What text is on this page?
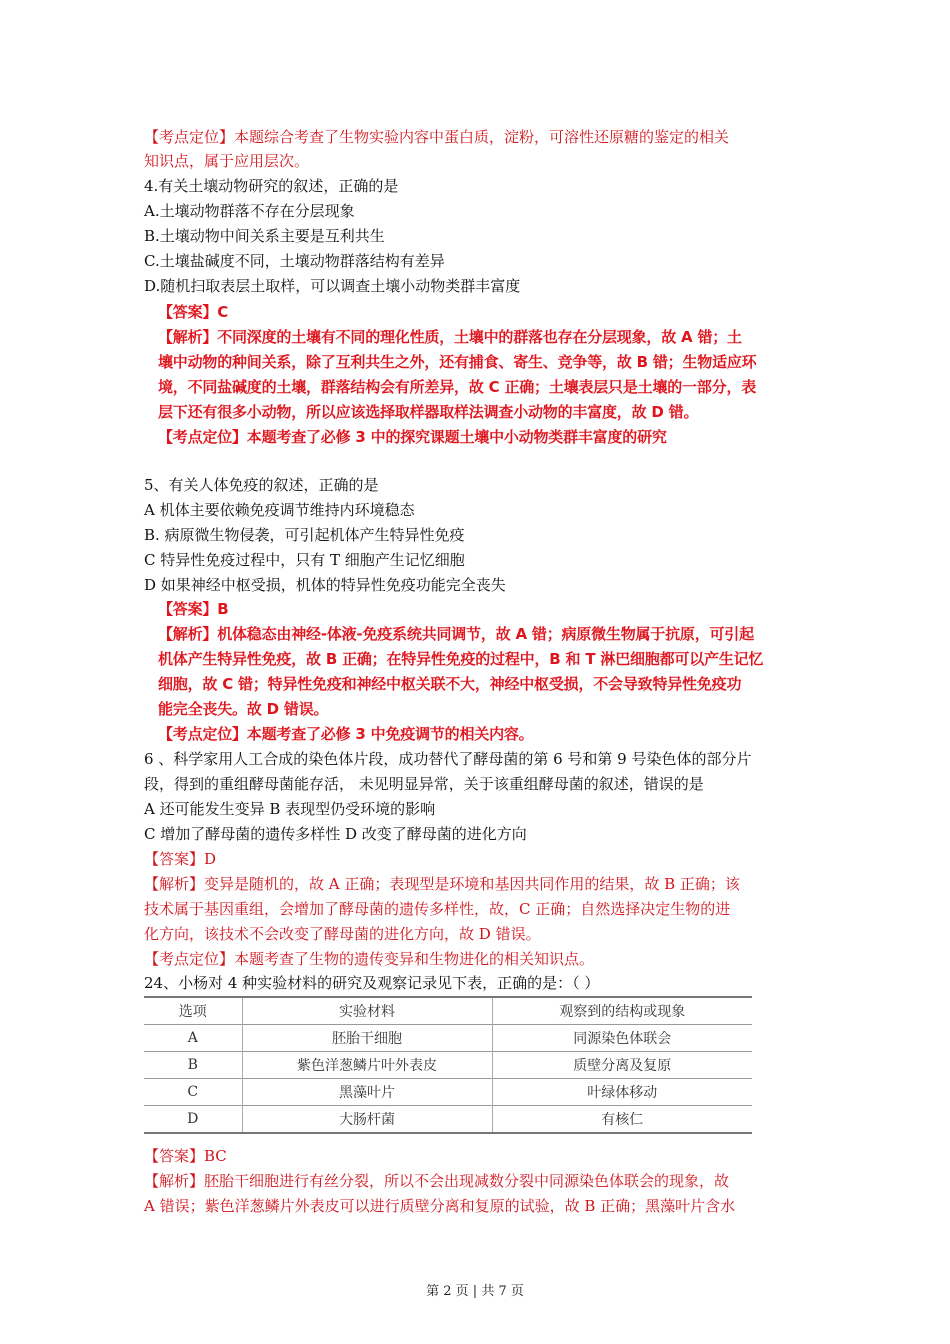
【考点定位】本题综合考查了生物实验内容中蛋白质，淀粉，可溶性还原糖的鉴定的相关
知识点，属于应用层次。
4.有关土壤动物研究的叙述，正确的是
A.土壤动物群落不存在分层现象
B.土壤动物中间关系主要是互利共生
C.土壤盐碱度不同，土壤动物群落结构有差异
D.随机扫取表层土取样，可以调查土壤小动物类群丰富度
【答案】C
【解析】不同深度的土壤有不同的理化性质，土壤中的群落也存在分层现象，故 A 错；土
壤中动物的种间关系，除了互利共生之外，还有捕食、寄生、竞争等，故 B 错；生物适应环
境，不同盐碱度的土壤，群落结构会有所差异，故 C 正确；土壤表层只是土壤的一部分，表
层下还有很多小动物，所以应该选择取样器取样法调查小动物的丰富度，故 D 错。
【考点定位】本题考查了必修 3 中的探究课题土壤中小动物类群丰富度的研究
5、有关人体免疫的叙述，正确的是
A 机体主要依赖免疫调节维持内环境稳态
B. 病原微生物侵袭，可引起机体产生特异性免疫
C 特异性免疫过程中，只有 T 细胞产生记忆细胞
D 如果神经中枢受损，机体的特异性免疫功能完全丧失
【答案】B
【解析】机体稳态由神经-体液-免疫系统共同调节，故 A 错；病原微生物属于抗原，可引起
机体产生特异性免疫，故 B 正确；在特异性免疫的过程中，B 和 T 淋巴细胞都可以产生记忆
细胞，故 C 错；特异性免疫和神经中枢关联不大，神经中枢受损，不会导致特异性免疫功
能完全丧失。故 D 错误。
【考点定位】本题考查了必修 3 中免疫调节的相关内容。
6 、科学家用人工合成的染色体片段，成功替代了酵母菌的第 6 号和第 9 号染色体的部分片
段，得到的重组酵母菌能存活， 未见明显异常，关于该重组酵母菌的叙述，错误的是
A 还可能发生变异 B 表现型仍受环境的影响
C 增加了酵母菌的遗传多样性 D 改变了酵母菌的进化方向
【答案】D
【解析】变异是随机的，故 A 正确；表现型是环境和基因共同作用的结果，故 B 正确；该
技术属于基因重组，会增加了酵母菌的遗传多样性，故，C 正确；自然选择决定生物的进
化方向，该技术不会改变了酵母菌的进化方向，故 D 错误。
【考点定位】本题考查了生物的遗传变异和生物进化的相关知识点。
24、小杨对 4 种实验材料的研究及观察记录见下表，正确的是：（ ）
选项	实验材料	观察到的结构或现象
A	胚胎干细胞	同源染色体联会
B	紫色洋葱鳞片叶外表皮	质壁分离及复原
C	黑藻叶片	叶绿体移动
D	大肠杆菌	有核仁
【答案】BC
【解析】胚胎干细胞进行有丝分裂，所以不会出现减数分裂中同源染色体联会的现象，故
A 错误；紫色洋葱鳞片外表皮可以进行质壁分离和复原的试验，故 B 正确；黑藻叶片含水
第 2 页 | 共 7 页
